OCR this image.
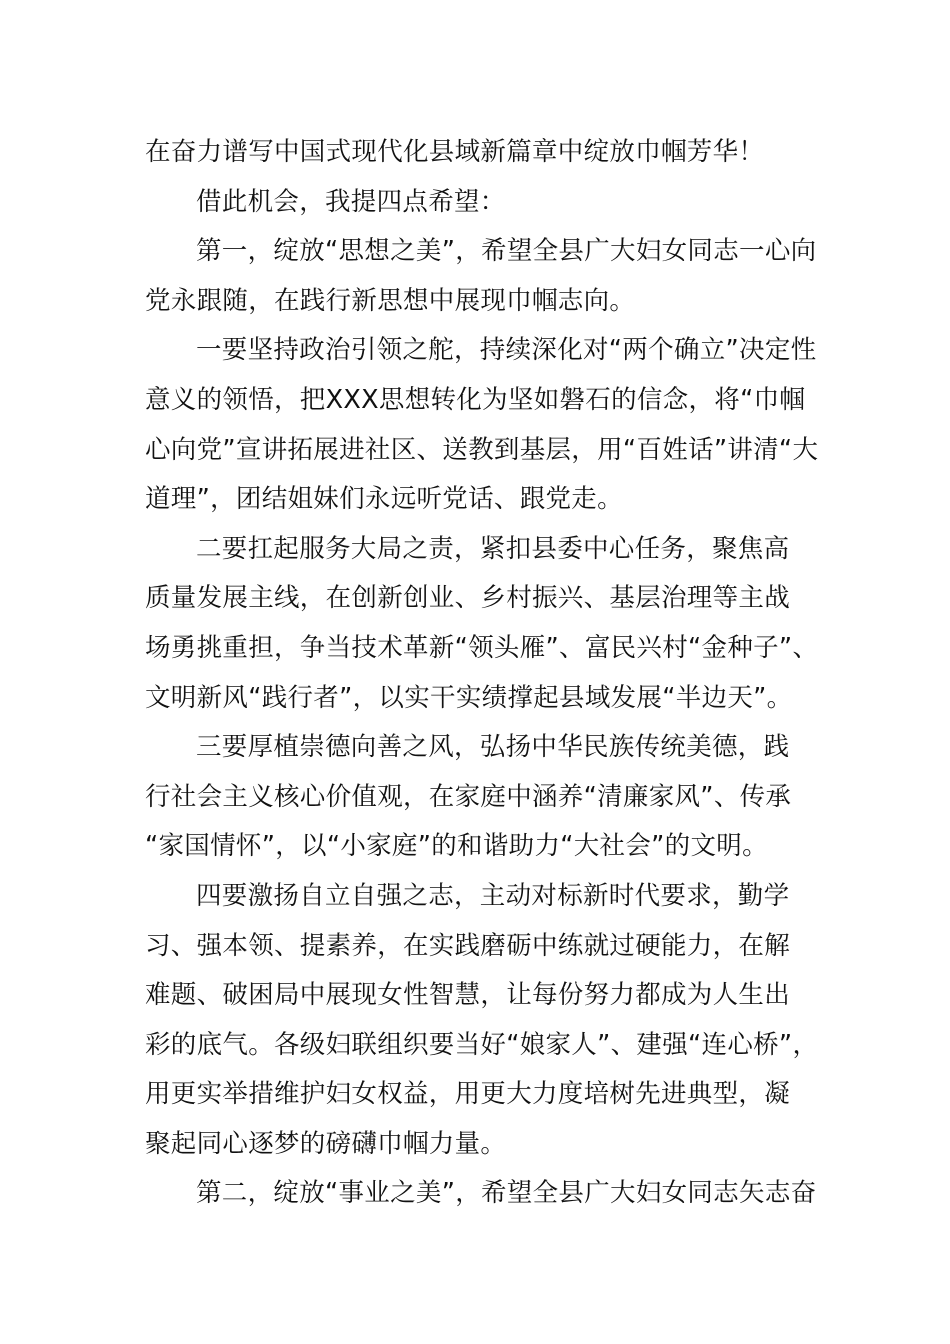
在奋力谱写中国式现代化县域新篇章中绽放巾帼芳华！
借此机会，我提四点希望：
第一，绽放“思想之美”，希望全县广大妇女同志一心向
党永跟随，在践行新思想中展现巾帼志向。
一要坚持政治引领之舵，持续深化对“两个确立”决定性
意义的领悟，把XXX思想转化为坚如磐石的信念，将“巾帼
心向党”宣讲拓展进社区、送教到基层，用“百姓话”讲清“大
道理”，团结姐妹们永远听党话、跟党走。
二要扛起服务大局之责，紧扣县委中心任务，聚焦高
质量发展主线，在创新创业、乡村振兴、基层治理等主战
场勇挑重担，争当技术革新“领头雁”、富民兴村“金种子”、
文明新风“践行者”，以实干实绩撑起县域发展“半边天”。
三要厚植崇德向善之风，弘扬中华民族传统美德，践
行社会主义核心价值观，在家庭中涵养“清廉家风”、传承
“家国情怀”，以“小家庭”的和谐助力“大社会”的文明。
四要激扬自立自强之志，主动对标新时代要求，勤学
习、强本领、提素养，在实践磨砺中练就过硬能力，在解
难题、破困局中展现女性智慧，让每份努力都成为人生出
彩的底气。各级妇联组织要当好“娘家人”、建强“连心桥”，
用更实举措维护妇女权益，用更大力度培树先进典型，凝
聚起同心逐梦的磅礴巾帼力量。
第二，绽放“事业之美”，希望全县广大妇女同志矢志奋
